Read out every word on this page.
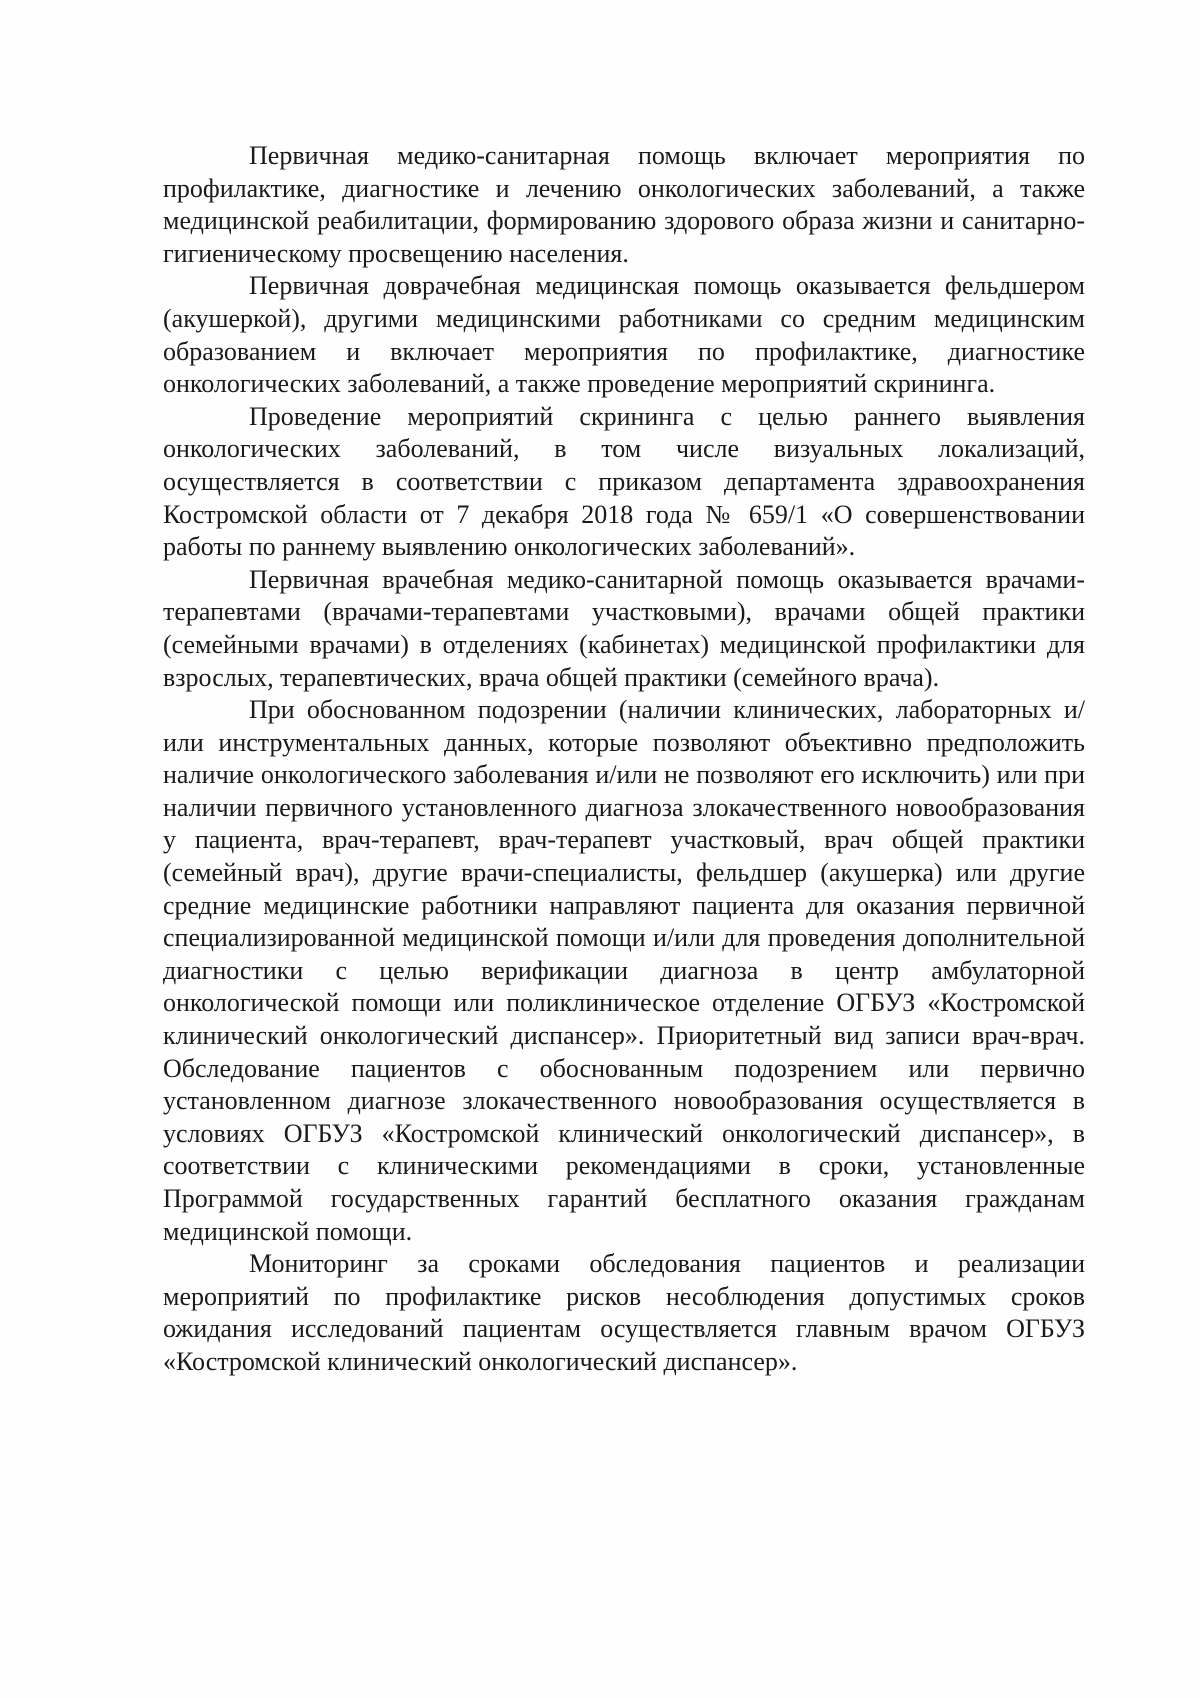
Первичная медико-санитарная помощь включает мероприятия по профилактике, диагностике и лечению онкологических заболеваний, а также медицинской реабилитации, формированию здорового образа жизни и санитарно-гигиеническому просвещению населения.

Первичная доврачебная медицинская помощь оказывается фельдшером (акушеркой), другими медицинскими работниками со средним медицинским образованием и включает мероприятия по профилактике, диагностике онкологических заболеваний, а также проведение мероприятий скрининга.

Проведение мероприятий скрининга с целью раннего выявления онкологических заболеваний, в том числе визуальных локализаций, осуществляется в соответствии с приказом департамента здравоохранения Костромской области от 7 декабря 2018 года № 659/1 «О совершенствовании работы по раннему выявлению онкологических заболеваний».

Первичная врачебная медико-санитарной помощь оказывается врачами-терапевтами (врачами-терапевтами участковыми), врачами общей практики (семейными врачами) в отделениях (кабинетах) медицинской профилактики для взрослых, терапевтических, врача общей практики (семейного врача).

При обоснованном подозрении (наличии клинических, лабораторных и/или инструментальных данных, которые позволяют объективно предположить наличие онкологического заболевания и/или не позволяют его исключить) или при наличии первичного установленного диагноза злокачественного новообразования у пациента, врач-терапевт, врач-терапевт участковый, врач общей практики (семейный врач), другие врачи-специалисты, фельдшер (акушерка) или другие средние медицинские работники направляют пациента для оказания первичной специализированной медицинской помощи и/или для проведения дополнительной диагностики с целью верификации диагноза в центр амбулаторной онкологической помощи или поликлиническое отделение ОГБУЗ «Костромской клинический онкологический диспансер». Приоритетный вид записи врач-врач. Обследование пациентов с обоснованным подозрением или первично установленном диагнозе злокачественного новообразования осуществляется в условиях ОГБУЗ «Костромской клинический онкологический диспансер», в соответствии с клиническими рекомендациями в сроки, установленные Программой государственных гарантий бесплатного оказания гражданам медицинской помощи.

Мониторинг за сроками обследования пациентов и реализации мероприятий по профилактике рисков несоблюдения допустимых сроков ожидания исследований пациентам осуществляется главным врачом ОГБУЗ «Костромской клинический онкологический диспансер».
